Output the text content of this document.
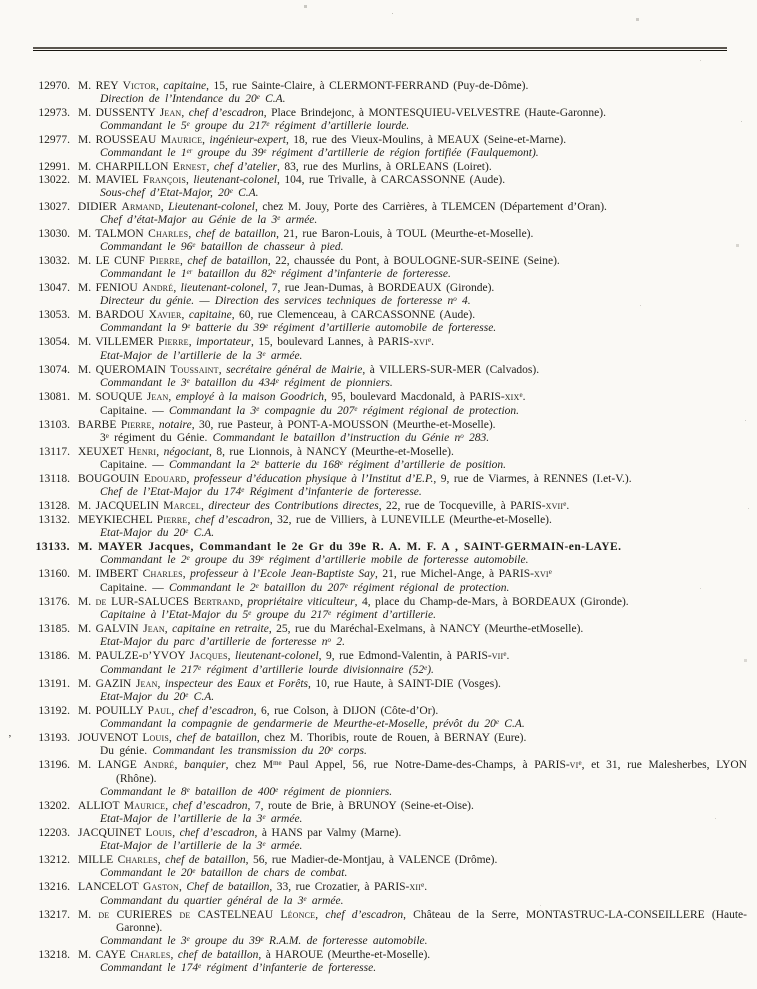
12970. M. REY Victor, capitaine, 15, rue Sainte-Claire, à CLERMONT-FERRAND (Puy-de-Dôme).
Direction de l’Intendance du 20e C.A.
12973. M. DUSSENTY Jean, chef d’escadron, Place Brindejonc, à MONTESQUIEU-VELVESTRE (Haute-Garonne).
Commandant le 5e groupe du 217e régiment d’artillerie lourde.
12977. M. ROUSSEAU Maurice, ingénieur-expert, 18, rue des Vieux-Moulins, à MEAUX (Seine-et-Marne).
Commandant le 1er groupe du 39e régiment d’artillerie de région fortifiée (Faulquemont).
12991. M. CHARPILLON Ernest, chef d’atelier, 83, rue des Murlins, à ORLEANS (Loiret).
13022. M. MAVIEL François, lieutenant-colonel, 104, rue Trivalle, à CARCASSONNE (Aude).
Sous-chef d’Etat-Major, 20e C.A.
13027. DIDIER Armand, Lieutenant-colonel, chez M. Jouy, Porte des Carrières, à TLEMCEN (Département d’Oran).
Chef d’état-Major au Génie de la 3e armée.
13030. M. TALMON Charles, chef de bataillon, 21, rue Baron-Louis, à TOUL (Meurthe-et-Moselle).
Commandant le 96e bataillon de chasseur à pied.
13032. M. LE CUNF Pierre, chef de bataillon, 22, chaussée du Pont, à BOULOGNE-SUR-SEINE (Seine).
Commandant le 1er bataillon du 82e régiment d’infanterie de forteresse.
13047. M. FENIOU André, lieutenant-colonel, 7, rue Jean-Dumas, à BORDEAUX (Gironde).
Directeur du génie. — Direction des services techniques de forteresse $n^o$ 4.
13053. M. BARDOU Xavier, capitaine, 60, rue Clemenceau, à CARCASSONNE (Aude).
Commandant la 9e batterie du 39e régiment d’artillerie automobile de forteresse.
13054. M. VILLEMER Pierre, importateur, 15, boulevard Lannes, à PARIS-xvi$^e$.
Etat-Major de l’artillerie de la 3e armée.
13074. M. QUEROMAIN Toussaint, secrétaire général de Mairie, à VILLERS-SUR-MER (Calvados).
Commandant le 3e bataillon du 434e régiment de pionniers.
13081. M. SOUQUE Jean, employé à la maison Goodrich, 95, boulevard Macdonald, à PARIS-xix$^e$.
Capitaine. — Commandant la 3e compagnie du 207e régiment régional de protection.
13103. BARBE Pierre, notaire, 30, rue Pasteur, à PONT-A-MOUSSON (Meurthe-et-Moselle).
3e régiment du Génie. Commandant le bataillon d’instruction du Génie $n^o$ 283.
13117. XEUXET Henri, négociant, 8, rue Lionnois, à NANCY (Meurthe-et-Moselle).
Capitaine. — Commandant la 2e batterie du 168e régiment d’artillerie de position.
13118. BOUGOUIN Edouard, professeur d’éducation physique à l’Institut d’E.P., 9, rue de Viarmes, à RENNES (I.et-V.).
Chef de l’Etat-Major du 174e Régiment d’infanterie de forteresse.
13128. M. JACQUELIN Marcel, directeur des Contributions directes, 22, rue de Tocqueville, à PARIS-xvii$^e$.
13132. MEYKIECHEL Pierre, chef d’escadron, 32, rue de Villiers, à LUNEVILLE (Meurthe-et-Moselle).
Etat-Major du 20e C.A.
13133. M. MAYER Jacques, Commandant le 2e Gr du 39e R. A. M. F. A , SAINT-GERMAIN-en-LAYE.
Commandant le 2e groupe du 39e régiment d’artillerie mobile de forteresse automobile.
13160. M. IMBERT Charles, professeur à l’Ecole Jean-Baptiste Say, 21, rue Michel-Ange, à PARIS-xvi$^e$
Capitaine. — Commandant le 2e bataillon du 207e régiment régional de protection.
13176. M. de LUR-SALUCES Bertrand, propriétaire viticulteur, 4, place du Champ-de-Mars, à BORDEAUX (Gironde).
Capitaine à l’Etat-Major du 5e groupe du 217e régiment d’artillerie.
13185. M. GALVIN Jean, capitaine en retraite, 25, rue du Maréchal-Exelmans, à NANCY (Meurthe-etMoselle).
Etat-Major du parc d’artillerie de forteresse $n^o$ 2.
13186. M. PAULZE-d’YVOY Jacques, lieutenant-colonel, 9, rue Edmond-Valentin, à PARIS-vii$^e$.
Commandant le 217e régiment d’artillerie lourde divisionnaire (52e).
13191. M. GAZIN Jean, inspecteur des Eaux et Forêts, 10, rue Haute, à SAINT-DIE (Vosges).
Etat-Major du 20e C.A.
13192. M. POUILLY Paul, chef d’escadron, 6, rue Colson, à DIJON (Côte-d’Or).
Commandant la compagnie de gendarmerie de Meurthe-et-Moselle, prévôt du 20e C.A.
13193. JOUVENOT Louis, chef de bataillon, chez M. Thoribis, route de Rouen, à BERNAY (Eure).
Du génie. Commandant les transmission du 20e corps.
13196. M. LANGE André, banquier, chez $M^{me}$ Paul Appel, 56, rue Notre-Dame-des-Champs, à PARIS-$vi^e$, et 31, rue Malesherbes, LYON (Rhône).
Commandant le 8e bataillon de 400e régiment de pionniers.
13202. ALLIOT Maurice, chef d’escadron, 7, route de Brie, à BRUNOY (Seine-et-Oise).
Etat-Major de l’artillerie de la 3e armée.
12203. JACQUINET Louis, chef d’escadron, à HANS par Valmy (Marne).
Etat-Major de l’artillerie de la 3e armée.
13212. MILLE Charles, chef de bataillon, 56, rue Madier-de-Montjau, à VALENCE (Drôme).
Commandant le 20e bataillon de chars de combat.
13216. LANCELOT Gaston, Chef de bataillon, 33, rue Crozatier, à PARIS-xii$^e$.
Commandant du quartier général de la 3e armée.
13217. M. de CURIERES de CASTELNEAU Léonce, chef d’escadron, Château de la Serre, MONTASTRUC-LA-CONSEILLERE (Haute-Garonne).
Commandant le 3e groupe du 39e R.A.M. de forteresse automobile.
13218. M. CAYE Charles, chef de bataillon, à HAROUE (Meurthe-et-Moselle).
Commandant le 174e régiment d’infanterie de forteresse.
’
